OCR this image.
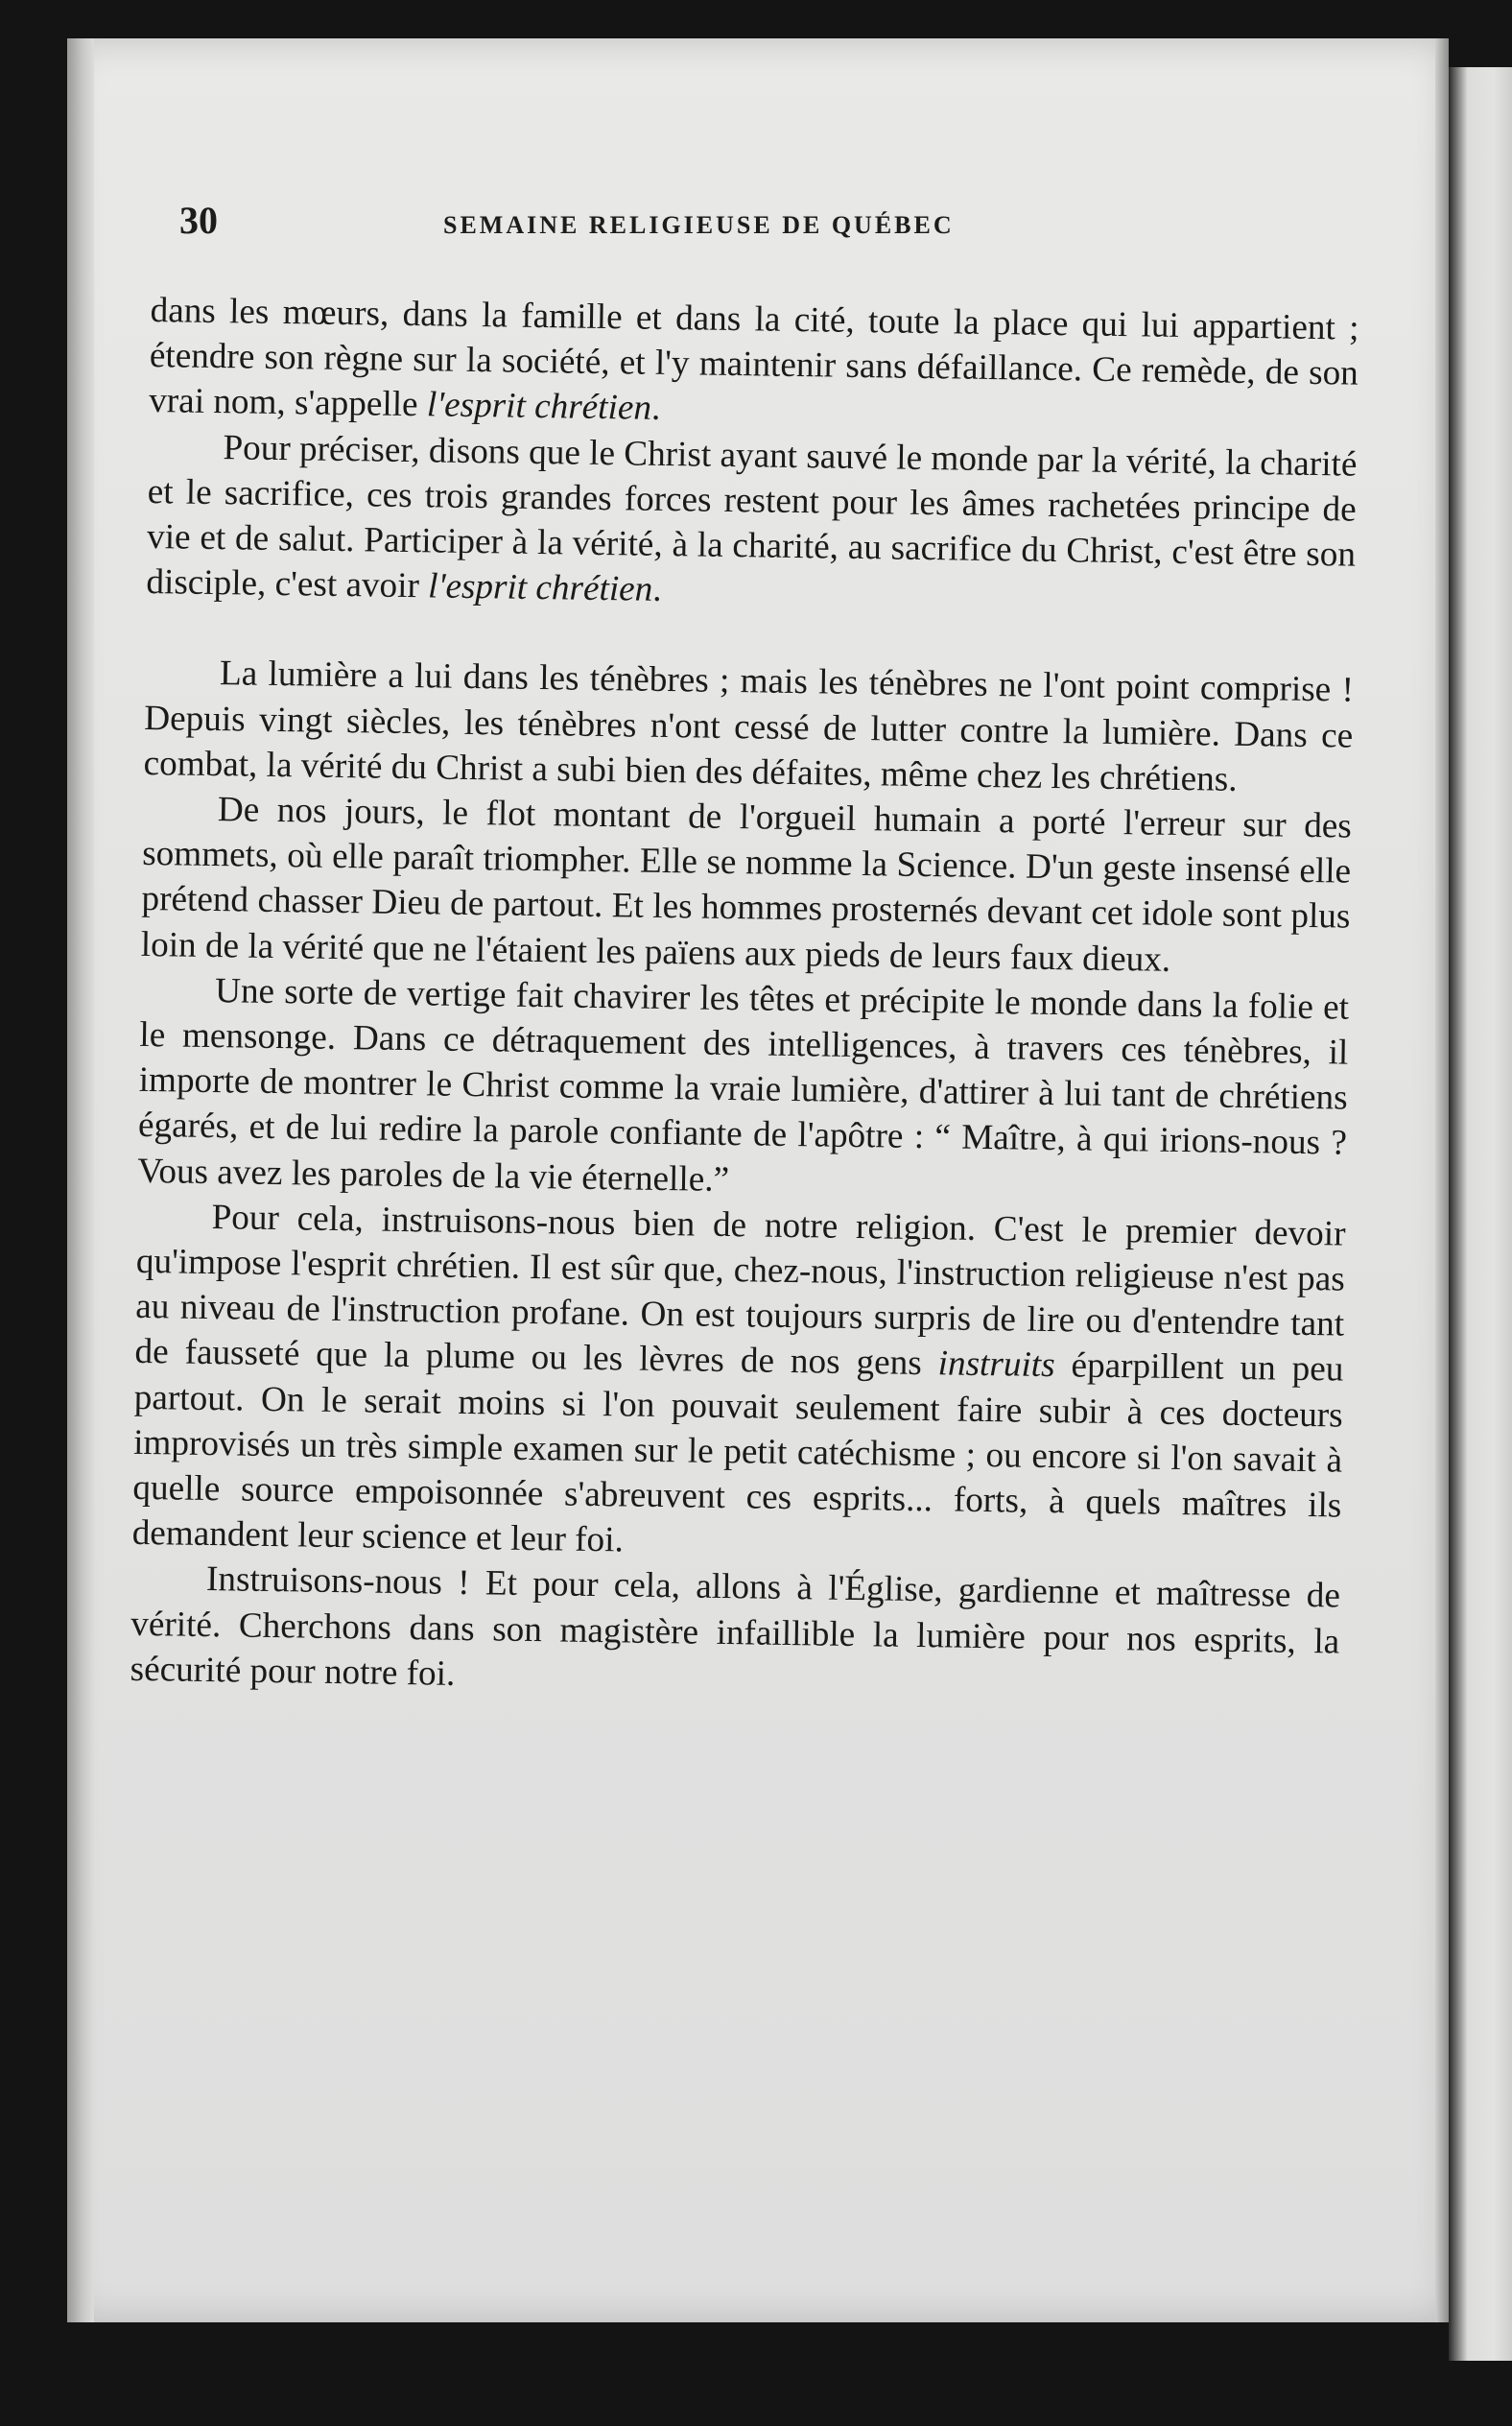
30	SEMAINE RELIGIEUSE DE QUÉBEC

dans les mœurs, dans la famille et dans la cité, toute la place qui lui appartient ; étendre son règne sur la société, et l'y maintenir sans défaillance. Ce remède, de son vrai nom, s'appelle l'esprit chrétien.

Pour préciser, disons que le Christ ayant sauvé le monde par la vérité, la charité et le sacrifice, ces trois grandes forces restent pour les âmes rachetées principe de vie et de salut. Participer à la vérité, à la charité, au sacrifice du Christ, c'est être son disciple, c'est avoir l'esprit chrétien.

La lumière a lui dans les ténèbres ; mais les ténèbres ne l'ont point comprise ! Depuis vingt siècles, les ténèbres n'ont cessé de lutter contre la lumière. Dans ce combat, la vérité du Christ a subi bien des défaites, même chez les chrétiens.

De nos jours, le flot montant de l'orgueil humain a porté l'erreur sur des sommets, où elle paraît triompher. Elle se nomme la Science. D'un geste insensé elle prétend chasser Dieu de partout. Et les hommes prosternés devant cet idole sont plus loin de la vérité que ne l'étaient les païens aux pieds de leurs faux dieux.

Une sorte de vertige fait chavirer les têtes et précipite le monde dans la folie et le mensonge. Dans ce détraquement des intelligences, à travers ces ténèbres, il importe de montrer le Christ comme la vraie lumière, d'attirer à lui tant de chrétiens égarés, et de lui redire la parole confiante de l'apôtre : “ Maître, à qui irions-nous ? Vous avez les paroles de la vie éternelle.”

Pour cela, instruisons-nous bien de notre religion. C'est le premier devoir qu'impose l'esprit chrétien. Il est sûr que, chez-nous, l'instruction religieuse n'est pas au niveau de l'instruction profane. On est toujours surpris de lire ou d'entendre tant de fausseté que la plume ou les lèvres de nos gens instruits éparpillent un peu partout. On le serait moins si l'on pouvait seulement faire subir à ces docteurs improvisés un très simple examen sur le petit catéchisme ; ou encore si l'on savait à quelle source empoisonnée s'abreuvent ces esprits... forts, à quels maîtres ils demandent leur science et leur foi.

Instruisons-nous ! Et pour cela, allons à l'Église, gardienne et maîtresse de vérité. Cherchons dans son magistère infaillible la lumière pour nos esprits, la sécurité pour notre foi.
